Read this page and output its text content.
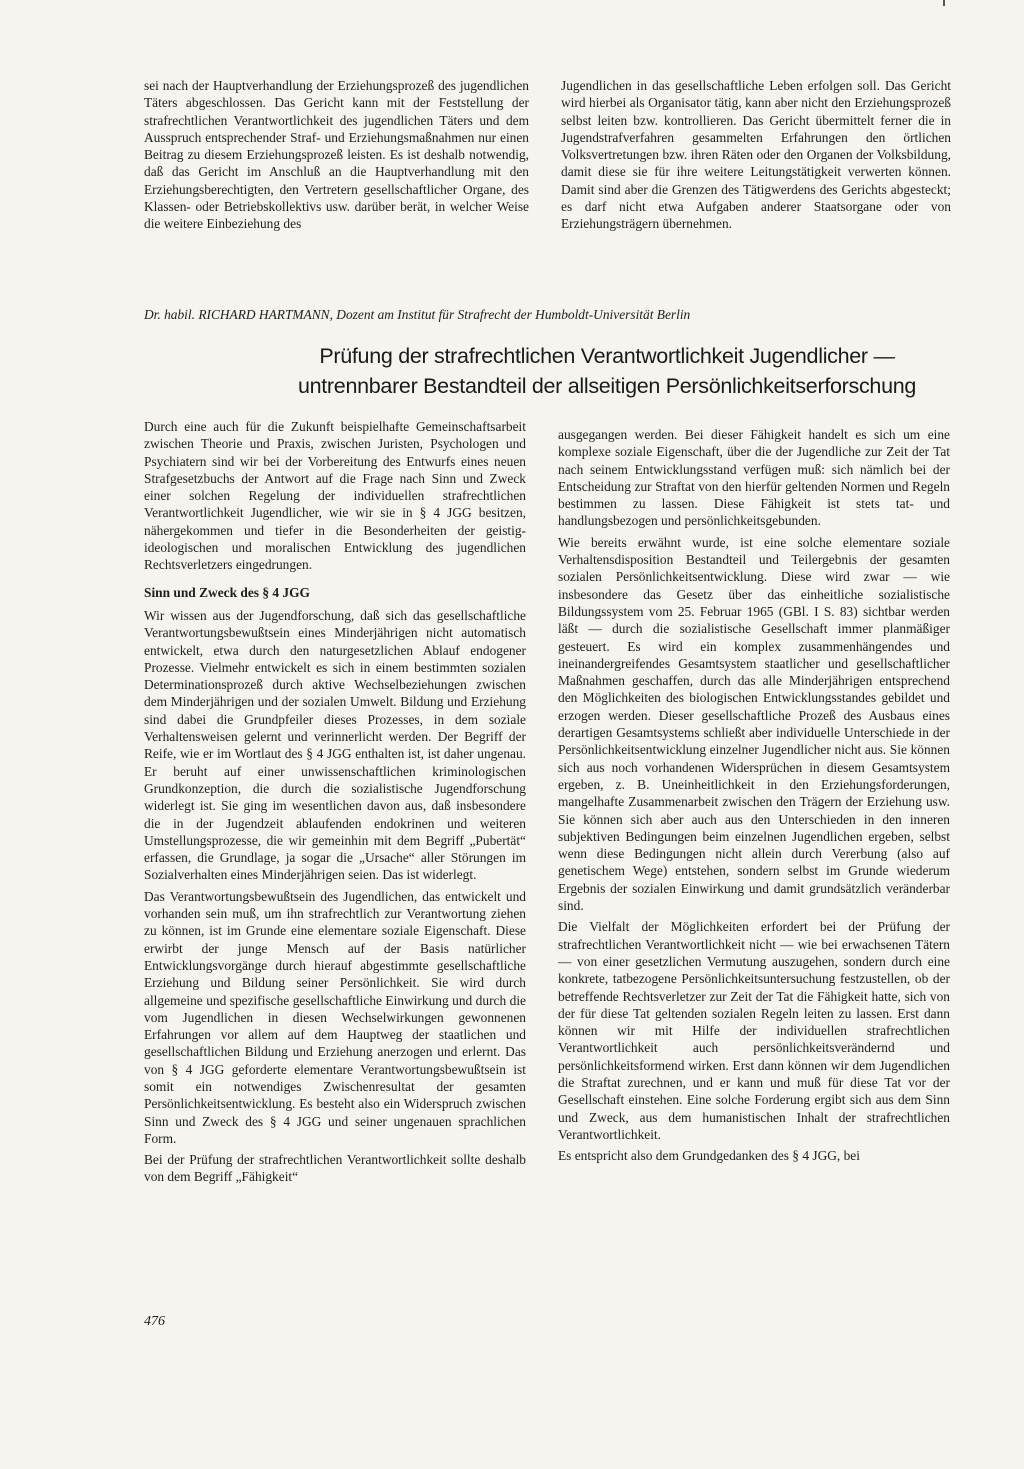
sei nach der Hauptverhandlung der Erziehungsprozeß des jugendlichen Täters abgeschlossen. Das Gericht kann mit der Feststellung der strafrechtlichen Verantwortlichkeit des jugendlichen Täters und dem Ausspruch entsprechender Straf- und Erziehungsmaßnahmen nur einen Beitrag zu diesem Erziehungsprozeß leisten. Es ist deshalb notwendig, daß das Gericht im Anschluß an die Hauptverhandlung mit den Erziehungsberechtigten, den Vertretern gesellschaftlicher Organe, des Klassen- oder Betriebskollektivs usw. darüber berät, in welcher Weise die weitere Einbeziehung des

Jugendlichen in das gesellschaftliche Leben erfolgen soll. Das Gericht wird hierbei als Organisator tätig, kann aber nicht den Erziehungsprozeß selbst leiten bzw. kontrollieren. Das Gericht übermittelt ferner die in Jugendstrafverfahren gesammelten Erfahrungen den örtlichen Volksvertretungen bzw. ihren Räten oder den Organen der Volksbildung, damit diese sie für ihre weitere Leitungstätigkeit verwerten können. Damit sind aber die Grenzen des Tätigwerdens des Gerichts abgesteckt; es darf nicht etwa Aufgaben anderer Staatsorgane oder von Erziehungsträgern übernehmen.

Dr. habil. RICHARD HARTMANN, Dozent am Institut für Strafrecht der Humboldt-Universität Berlin
Prüfung der strafrechtlichen Verantwortlichkeit Jugendlicher —
untrennbarer Bestandteil der allseitigen Persönlichkeitserforschung

Durch eine auch für die Zukunft beispielhafte Gemeinschaftsarbeit zwischen Theorie und Praxis, zwischen Juristen, Psychologen und Psychiatern sind wir bei der Vorbereitung des Entwurfs eines neuen Strafgesetzbuchs der Antwort auf die Frage nach Sinn und Zweck einer solchen Regelung der individuellen strafrechtlichen Verantwortlichkeit Jugendlicher, wie wir sie in § 4 JGG besitzen, nähergekommen und tiefer in die Besonderheiten der geistig-ideologischen und moralischen Entwicklung des jugendlichen Rechtsverletzers eingedrungen.

Sinn und Zweck des § 4 JGG

Wir wissen aus der Jugendforschung, daß sich das gesellschaftliche Verantwortungsbewußtsein eines Minderjährigen nicht automatisch entwickelt, etwa durch den naturgesetzlichen Ablauf endogener Prozesse. Vielmehr entwickelt es sich in einem bestimmten sozialen Determinationsprozeß durch aktive Wechselbeziehungen zwischen dem Minderjährigen und der sozialen Umwelt. Bildung und Erziehung sind dabei die Grundpfeiler dieses Prozesses, in dem soziale Verhaltensweisen gelernt und verinnerlicht werden. Der Begriff der Reife, wie er im Wortlaut des § 4 JGG enthalten ist, ist daher ungenau. Er beruht auf einer unwissenschaftlichen kriminologischen Grundkonzeption, die durch die sozialistische Jugendforschung widerlegt ist. Sie ging im wesentlichen davon aus, daß insbesondere die in der Jugendzeit ablaufenden endokrinen und weiteren Umstellungsprozesse, die wir gemeinhin mit dem Begriff „Pubertät“ erfassen, die Grundlage, ja sogar die „Ursache“ aller Störungen im Sozialverhalten eines Minderjährigen seien. Das ist widerlegt.

Das Verantwortungsbewußtsein des Jugendlichen, das entwickelt und vorhanden sein muß, um ihn strafrechtlich zur Verantwortung ziehen zu können, ist im Grunde eine elementare soziale Eigenschaft. Diese erwirbt der junge Mensch auf der Basis natürlicher Entwicklungsvorgänge durch hierauf abgestimmte gesellschaftliche Erziehung und Bildung seiner Persönlichkeit. Sie wird durch allgemeine und spezifische gesellschaftliche Einwirkung und durch die vom Jugendlichen in diesen Wechselwirkungen gewonnenen Erfahrungen vor allem auf dem Hauptweg der staatlichen und gesellschaftlichen Bildung und Erziehung anerzogen und erlernt. Das von § 4 JGG geforderte elementare Verantwortungsbewußtsein ist somit ein notwendiges Zwischenresultat der gesamten Persönlichkeitsentwicklung. Es besteht also ein Widerspruch zwischen Sinn und Zweck des § 4 JGG und seiner ungenauen sprachlichen Form.

Bei der Prüfung der strafrechtlichen Verantwortlichkeit sollte deshalb von dem Begriff „Fähigkeit“

ausgegangen werden. Bei dieser Fähigkeit handelt es sich um eine komplexe soziale Eigenschaft, über die der Jugendliche zur Zeit der Tat nach seinem Entwicklungsstand verfügen muß: sich nämlich bei der Entscheidung zur Straftat von den hierfür geltenden Normen und Regeln bestimmen zu lassen. Diese Fähigkeit ist stets tat- und handlungsbezogen und persönlichkeitsgebunden.

Wie bereits erwähnt wurde, ist eine solche elementare soziale Verhaltensdisposition Bestandteil und Teilergebnis der gesamten sozialen Persönlichkeitsentwicklung. Diese wird zwar — wie insbesondere das Gesetz über das einheitliche sozialistische Bildungssystem vom 25. Februar 1965 (GBl. I S. 83) sichtbar werden läßt — durch die sozialistische Gesellschaft immer planmäßiger gesteuert. Es wird ein komplex zusammenhängendes und ineinandergreifendes Gesamtsystem staatlicher und gesellschaftlicher Maßnahmen geschaffen, durch das alle Minderjährigen entsprechend den Möglichkeiten des biologischen Entwicklungsstandes gebildet und erzogen werden. Dieser gesellschaftliche Prozeß des Ausbaus eines derartigen Gesamtsystems schließt aber individuelle Unterschiede in der Persönlichkeitsentwicklung einzelner Jugendlicher nicht aus. Sie können sich aus noch vorhandenen Widersprüchen in diesem Gesamtsystem ergeben, z. B. Uneinheitlichkeit in den Erziehungsforderungen, mangelhafte Zusammenarbeit zwischen den Trägern der Erziehung usw. Sie können sich aber auch aus den Unterschieden in den inneren subjektiven Bedingungen beim einzelnen Jugendlichen ergeben, selbst wenn diese Bedingungen nicht allein durch Vererbung (also auf genetischem Wege) entstehen, sondern selbst im Grunde wiederum Ergebnis der sozialen Einwirkung und damit grundsätzlich veränderbar sind.

Die Vielfalt der Möglichkeiten erfordert bei der Prüfung der strafrechtlichen Verantwortlichkeit nicht — wie bei erwachsenen Tätern — von einer gesetzlichen Vermutung auszugehen, sondern durch eine konkrete, tatbezogene Persönlichkeitsuntersuchung festzustellen, ob der betreffende Rechtsverletzer zur Zeit der Tat die Fähigkeit hatte, sich von der für diese Tat geltenden sozialen Regeln leiten zu lassen. Erst dann können wir mit Hilfe der individuellen strafrechtlichen Verantwortlichkeit auch persönlichkeitsverändernd und persönlichkeitsformend wirken. Erst dann können wir dem Jugendlichen die Straftat zurechnen, und er kann und muß für diese Tat vor der Gesellschaft einstehen. Eine solche Forderung ergibt sich aus dem Sinn und Zweck, aus dem humanistischen Inhalt der strafrechtlichen Verantwortlichkeit.

Es entspricht also dem Grundgedanken des § 4 JGG, bei

476
